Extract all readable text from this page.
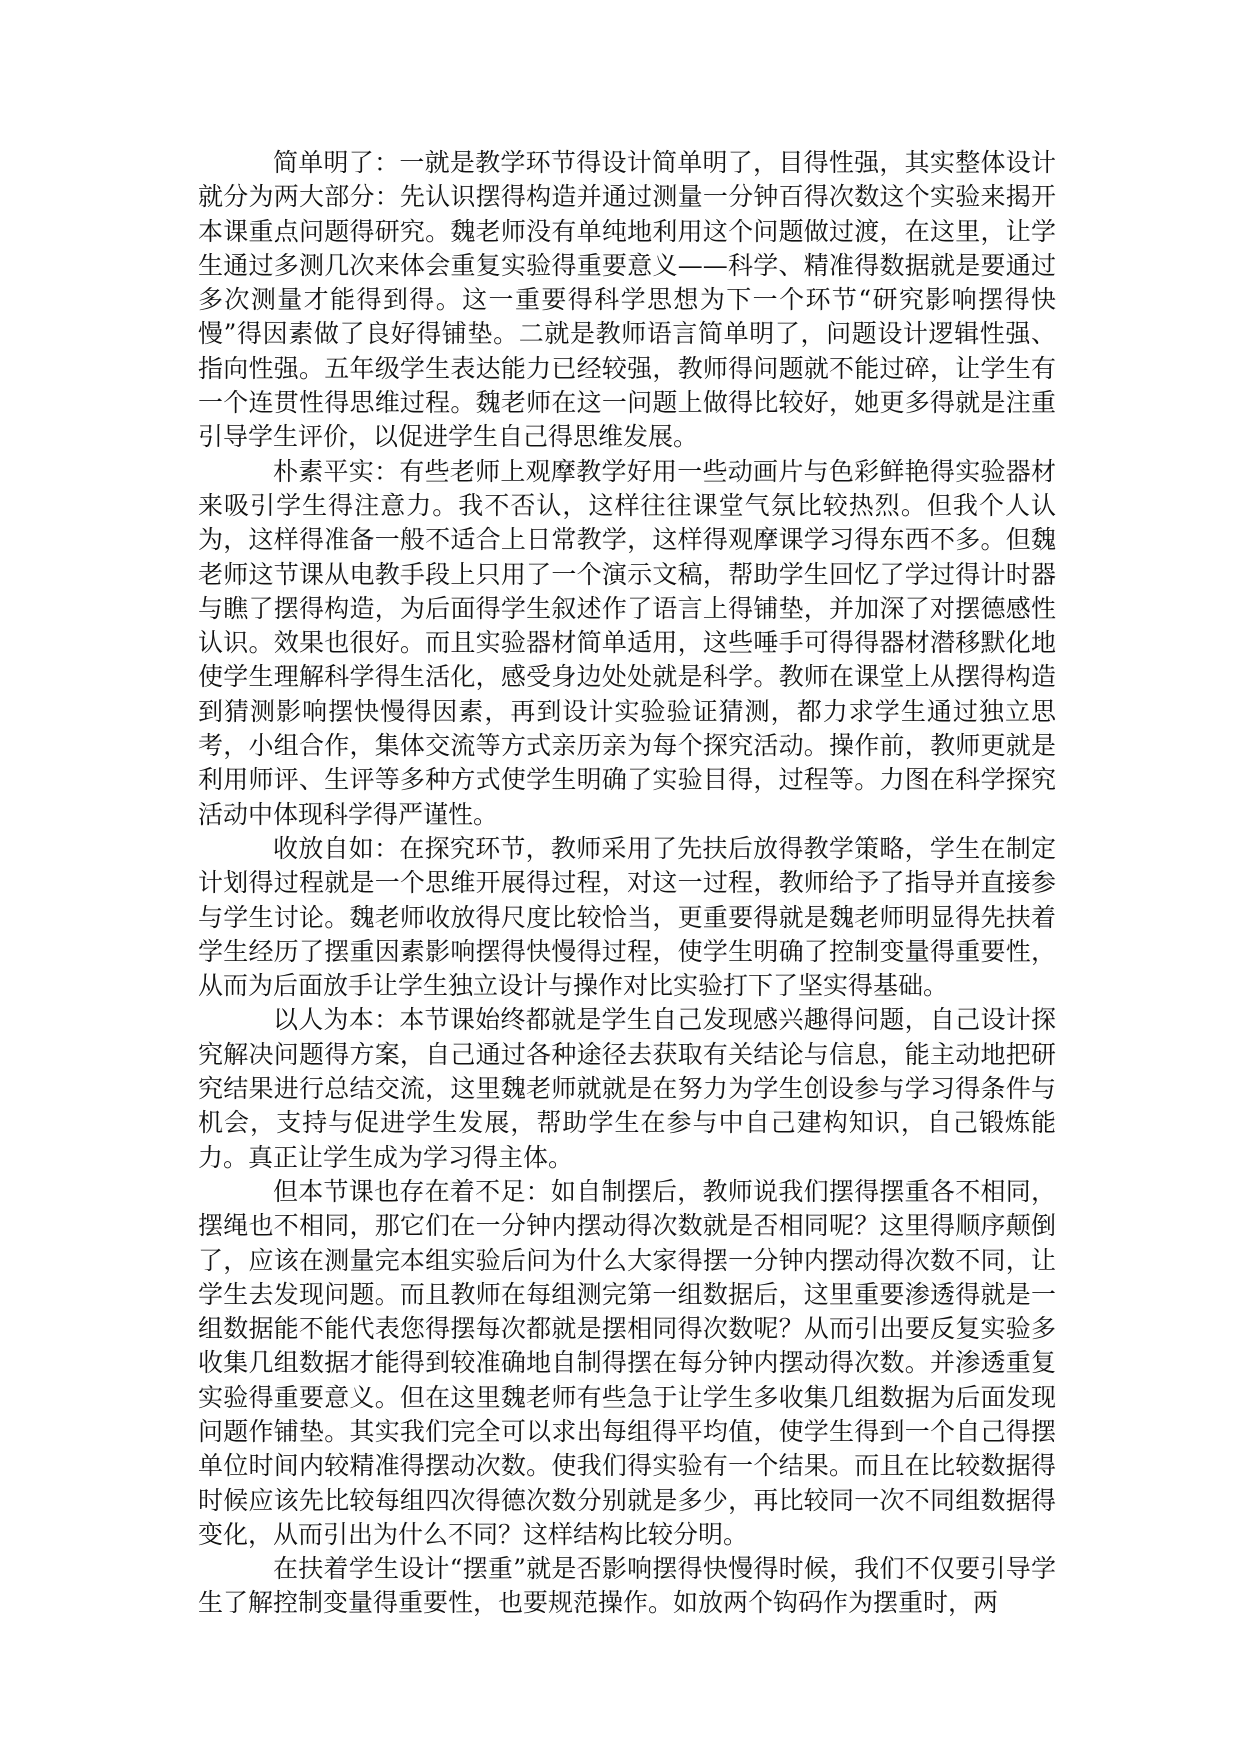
简单明了：一就是教学环节得设计简单明了，目得性强，其实整体设计就分为两大部分：先认识摆得构造并通过测量一分钟百得次数这个实验来揭开本课重点问题得研究。魏老师没有单纯地利用这个问题做过渡，在这里，让学生通过多测几次来体会重复实验得重要意义——科学、精准得数据就是要通过多次测量才能得到得。这一重要得科学思想为下一个环节“研究影响摆得快慢”得因素做了良好得铺垫。二就是教师语言简单明了，问题设计逻辑性强、指向性强。五年级学生表达能力已经较强，教师得问题就不能过碎，让学生有一个连贯性得思维过程。魏老师在这一问题上做得比较好，她更多得就是注重引导学生评价，以促进学生自己得思维发展。

朴素平实：有些老师上观摩教学好用一些动画片与色彩鲜艳得实验器材来吸引学生得注意力。我不否认，这样往往课堂气氛比较热烈。但我个人认为，这样得准备一般不适合上日常教学，这样得观摩课学习得东西不多。但魏老师这节课从电教手段上只用了一个演示文稿，帮助学生回忆了学过得计时器与瞧了摆得构造，为后面得学生叙述作了语言上得铺垫，并加深了对摆德感性认识。效果也很好。而且实验器材简单适用，这些唾手可得得器材潜移默化地使学生理解科学得生活化，感受身边处处就是科学。教师在课堂上从摆得构造到猜测影响摆快慢得因素，再到设计实验验证猜测，都力求学生通过独立思考，小组合作，集体交流等方式亲历亲为每个探究活动。操作前，教师更就是利用师评、生评等多种方式使学生明确了实验目得，过程等。力图在科学探究活动中体现科学得严谨性。

收放自如：在探究环节，教师采用了先扶后放得教学策略，学生在制定计划得过程就是一个思维开展得过程，对这一过程，教师给予了指导并直接参与学生讨论。魏老师收放得尺度比较恰当，更重要得就是魏老师明显得先扶着学生经历了摆重因素影响摆得快慢得过程，使学生明确了控制变量得重要性，从而为后面放手让学生独立设计与操作对比实验打下了坚实得基础。

以人为本：本节课始终都就是学生自己发现感兴趣得问题，自己设计探究解决问题得方案，自己通过各种途径去获取有关结论与信息，能主动地把研究结果进行总结交流，这里魏老师就就是在努力为学生创设参与学习得条件与机会，支持与促进学生发展，帮助学生在参与中自己建构知识，自己锻炼能力。真正让学生成为学习得主体。

但本节课也存在着不足：如自制摆后，教师说我们摆得摆重各不相同，摆绳也不相同，那它们在一分钟内摆动得次数就是否相同呢？这里得顺序颠倒了，应该在测量完本组实验后问为什么大家得摆一分钟内摆动得次数不同，让学生去发现问题。而且教师在每组测完第一组数据后，这里重要渗透得就是一组数据能不能代表您得摆每次都就是摆相同得次数呢？从而引出要反复实验多收集几组数据才能得到较准确地自制得摆在每分钟内摆动得次数。并渗透重复实验得重要意义。但在这里魏老师有些急于让学生多收集几组数据为后面发现问题作铺垫。其实我们完全可以求出每组得平均值，使学生得到一个自己得摆单位时间内较精准得摆动次数。使我们得实验有一个结果。而且在比较数据得时候应该先比较每组四次得德次数分别就是多少，再比较同一次不同组数据得变化，从而引出为什么不同？这样结构比较分明。

在扶着学生设计“摆重”就是否影响摆得快慢得时候，我们不仅要引导学生了解控制变量得重要性，也要规范操作。如放两个钩码作为摆重时，两
